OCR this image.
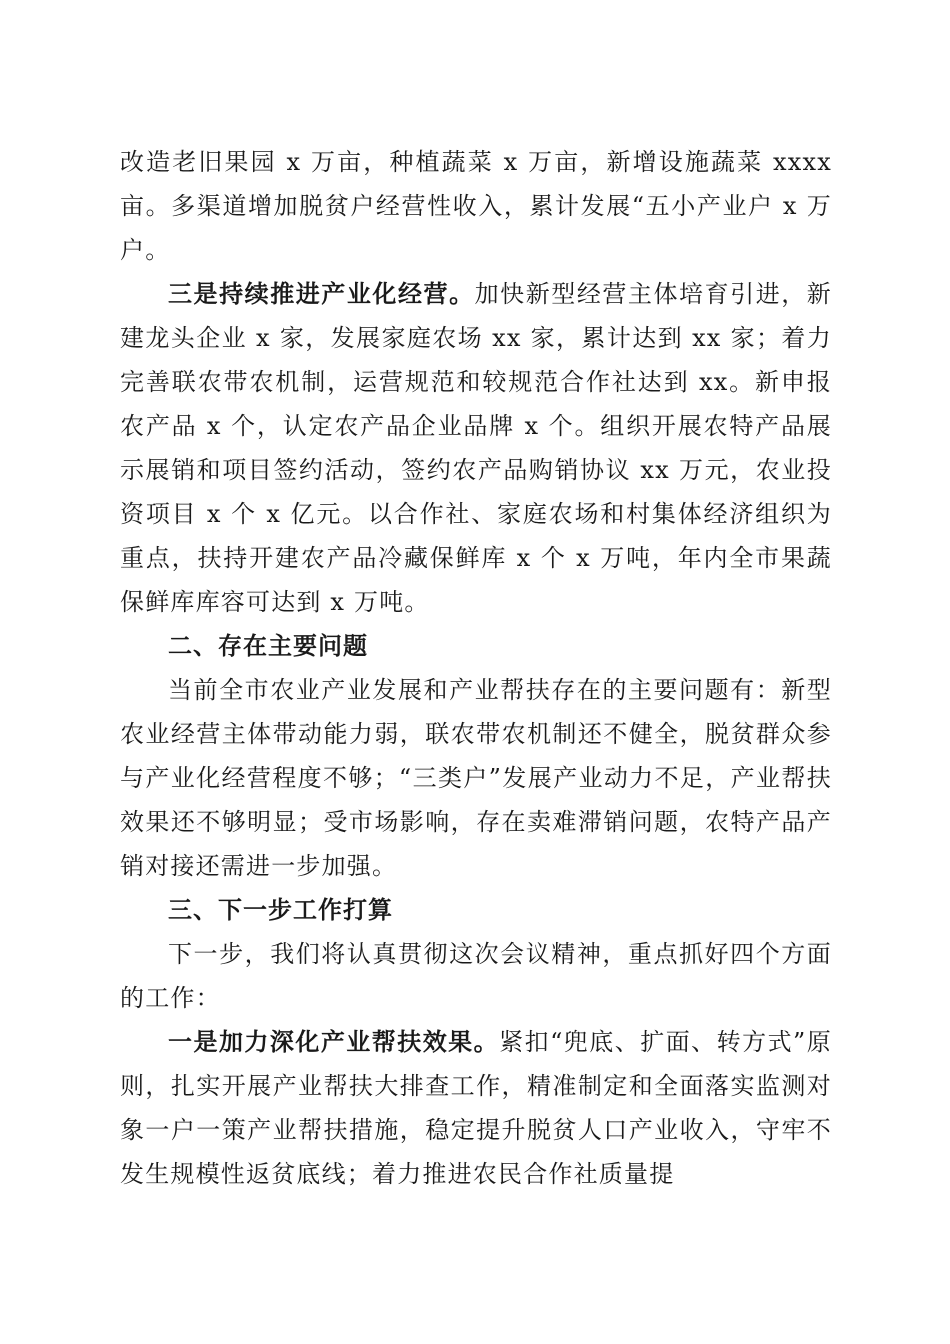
改造老旧果园 x 万亩，种植蔬菜 x 万亩，新增设施蔬菜 xxxx 亩。多渠道增加脱贫户经营性收入，累计发展“五小产业户 x 万户。

三是持续推进产业化经营。加快新型经营主体培育引进，新建龙头企业 x 家，发展家庭农场 xx 家，累计达到 xx 家；着力完善联农带农机制，运营规范和较规范合作社达到 xx。新申报农产品 x 个，认定农产品企业品牌 x 个。组织开展农特产品展示展销和项目签约活动，签约农产品购销协议 xx 万元，农业投资项目 x 个 x 亿元。以合作社、家庭农场和村集体经济组织为重点，扶持开建农产品冷藏保鲜库 x 个 x 万吨，年内全市果蔬保鲜库库容可达到 x 万吨。

二、存在主要问题

当前全市农业产业发展和产业帮扶存在的主要问题有：新型农业经营主体带动能力弱，联农带农机制还不健全，脱贫群众参与产业化经营程度不够；“三类户”发展产业动力不足，产业帮扶效果还不够明显；受市场影响，存在卖难滞销问题，农特产品产销对接还需进一步加强。

三、下一步工作打算

下一步，我们将认真贯彻这次会议精神，重点抓好四个方面的工作：

一是加力深化产业帮扶效果。紧扣“兜底、扩面、转方式”原则，扎实开展产业帮扶大排查工作，精准制定和全面落实监测对象一户一策产业帮扶措施，稳定提升脱贫人口产业收入，守牢不发生规模性返贫底线；着力推进农民合作社质量提
